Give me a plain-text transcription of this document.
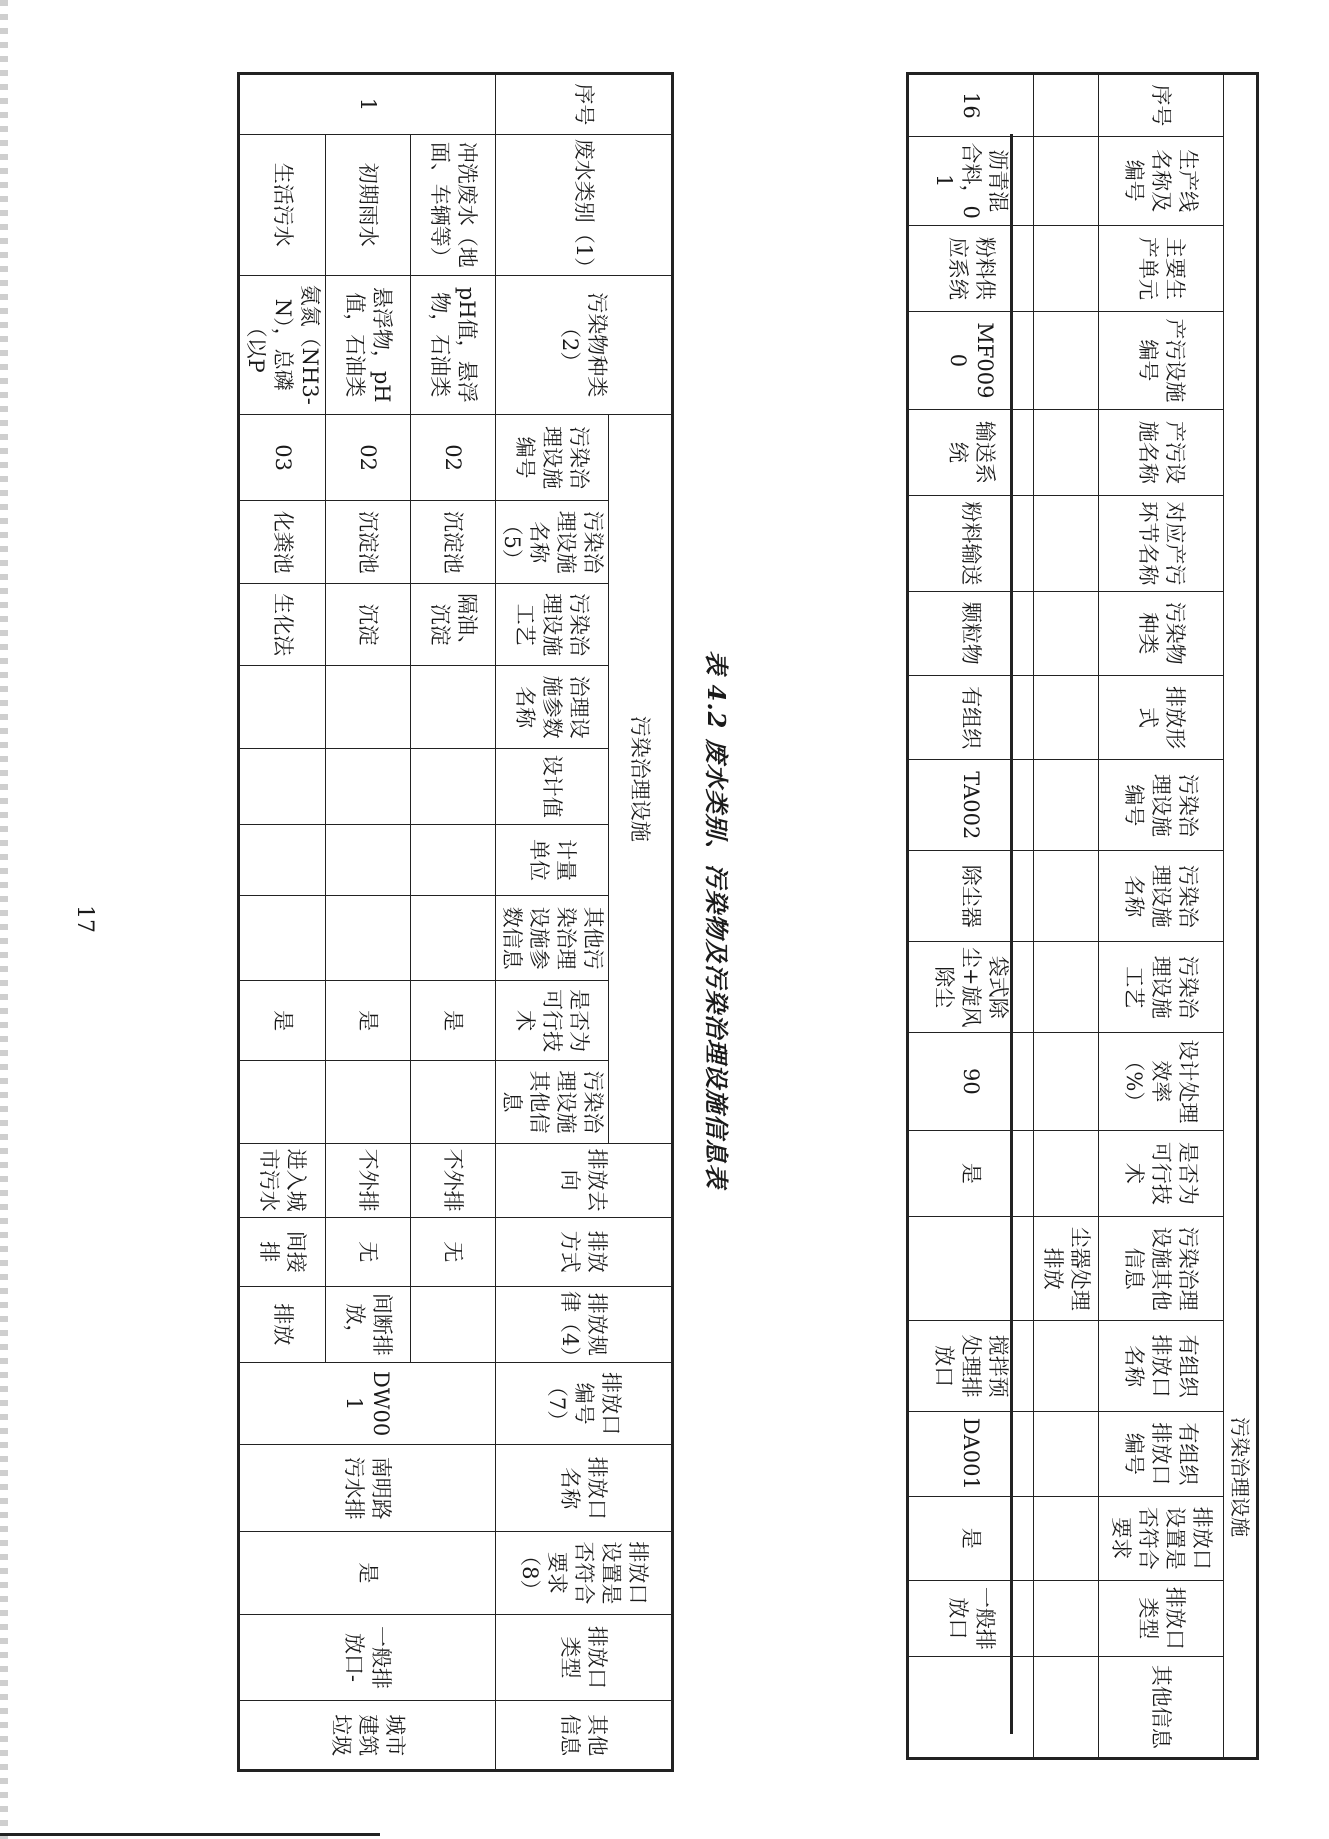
污染治理设施																		
序号	生产线名称及编号	主要生产单元	产污设施编号	产污设施名称	对应产污环节名称	污染物种类	排放形式	污染治理设施编号	污染治理设施名称	污染治理设施工艺	设计处理效率（%）	是否为可行技术	污染治理设施其他信息	有组织排放口名称	有组织排放口编号	排放口设置是否符合要求	排放口类型	其他信息
													尘器处理排放					
16	沥青混合料，01	粉料供应系统	MF0090	输送系统	粉料输送	颗粒物	有组织	TA002	除尘器	袋式除尘+旋风除尘	90	是		搅拌预处理排放口	DA001	是	一般排放口	
表 4.2 废水类别、污染物及污染治理设施信息表
序号	废水类别（1）	污染物种类（2）	污染治理设施									排放去向	排放方式	排放规律（4）	排放口编号（7）	排放口名称	排放口设置是否符合要求（8）	排放口类型	其他信息
			污染治理设施编号	污染治理设施名称（5）	污染治理设施工艺	治理设施参数名称	设计值	计量单位	其他污染治理设施参数信息	是否为可行技术	污染治理设施其他信息								
1	冲洗废水（地面、车辆等）	pH值，悬浮物，石油类	02	沉淀池	隔油、沉淀					是		不外排	无		DW001	南明路污水排	是	一般排放口-	城市建筑垃圾
	初期雨水	悬浮物，pH值，石油类	02	沉淀池	沉淀					是		不外排	无	间断排放，					
	生活污水	氨氮（NH3-N），总磷（以P	03	化粪池	生化法					是		进入城市污水	间接排	排放					
17
